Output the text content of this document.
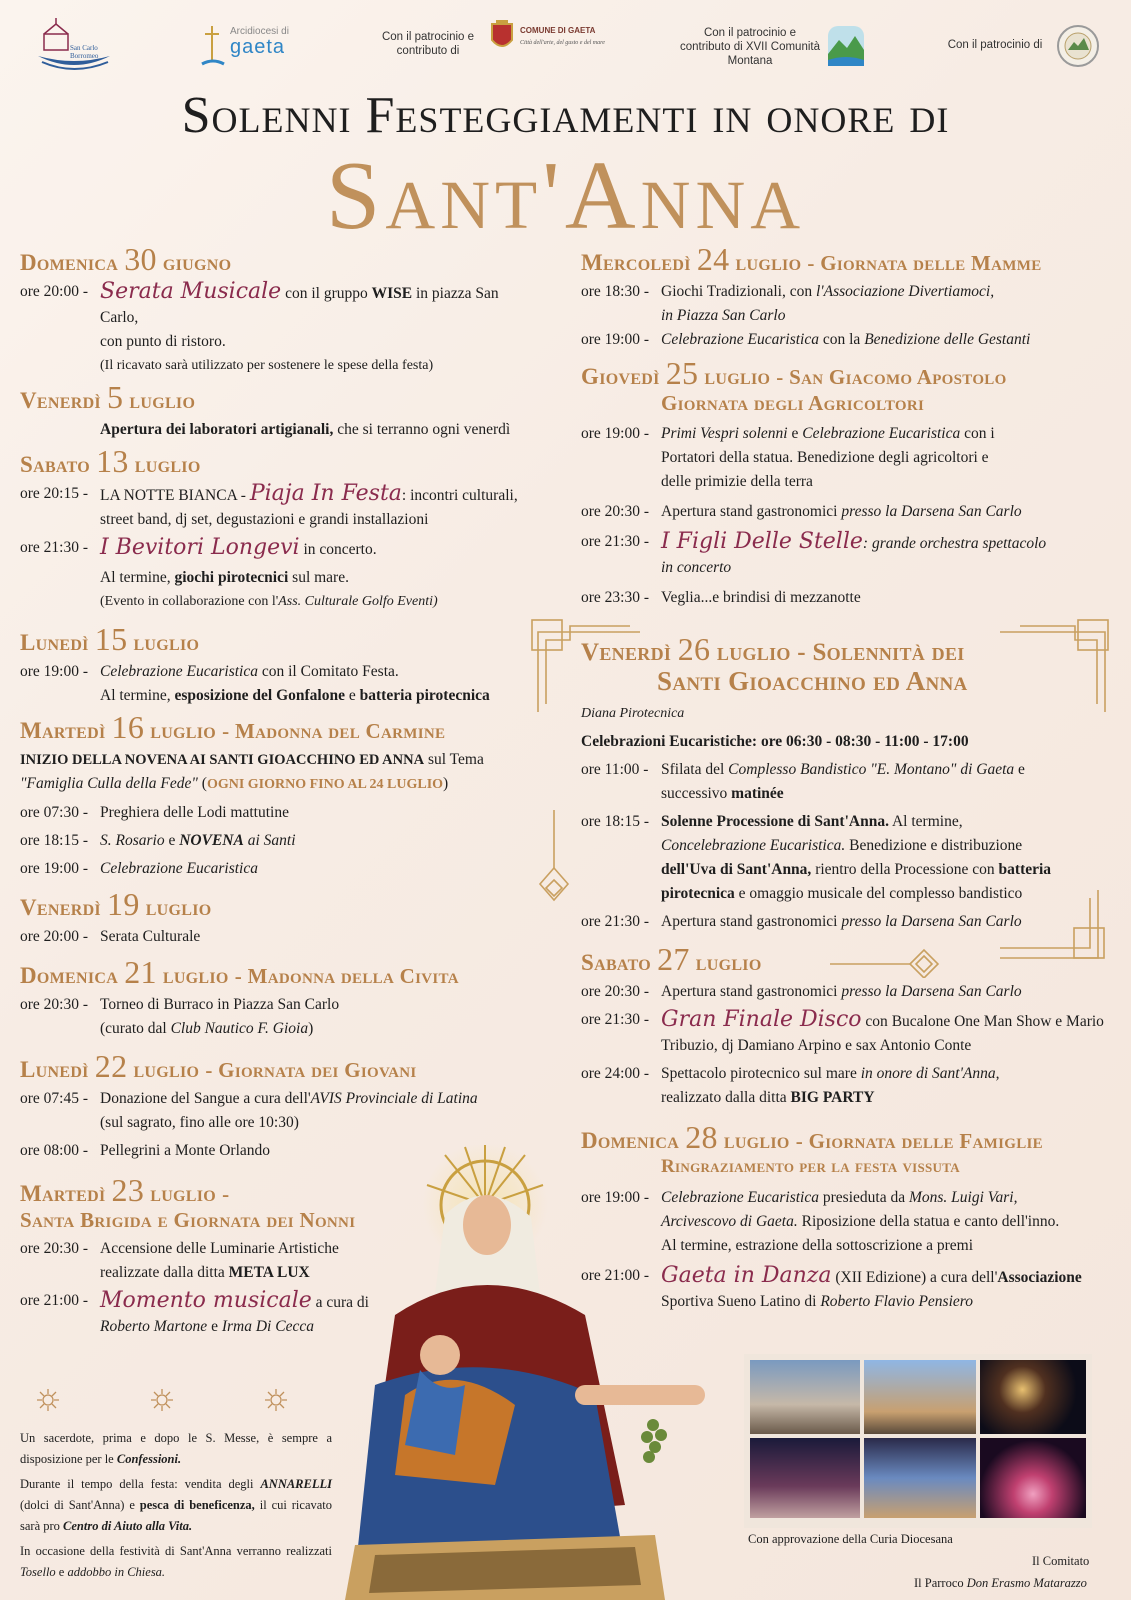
San Carlo Borromeo
Arcidiocesi di
gaeta	Con il patrocinio e contributo di
COMUNE DI GAETA
Città dell'arte, del gusto e del mare
Con il patrocinio e contributo di XVII Comunità Montana
Con il patrocinio di
Solenni Festeggiamenti in onore di
Sant'Anna
Domenica 30 giugno
ore 20:00 - Serata Musicale con il gruppo WISE in piazza San Carlo,
con punto di ristoro.
(Il ricavato sarà utilizzato per sostenere le spese della festa)
Venerdì 5 luglio
Apertura dei laboratori artigianali, che si terranno ogni venerdì
Sabato 13 luglio
ore 20:15 - LA NOTTE BIANCA - Piaja In Festa: incontri culturali,
street band, dj set, degustazioni e grandi installazioni
ore 21:30 - I Bevitori Longevi in concerto.
Al termine, giochi pirotecnici sul mare.
(Evento in collaborazione con l'Ass. Culturale Golfo Eventi)
Lunedì 15 luglio
ore 19:00 - Celebrazione Eucaristica con il Comitato Festa.
Al termine, esposizione del Gonfalone e batteria pirotecnica
Martedì 16 luglio - Madonna del Carmine
INIZIO DELLA NOVENA AI SANTI GIOACCHINO ED ANNA sul Tema
"Famiglia Culla della Fede" (OGNI GIORNO FINO AL 24 LUGLIO)
ore 07:30 - Preghiera delle Lodi mattutine
ore 18:15 - S. Rosario e NOVENA ai Santi
ore 19:00 - Celebrazione Eucaristica
Venerdì 19 luglio
ore 20:00 - Serata Culturale
Domenica 21 luglio - Madonna della Civita
ore 20:30 - Torneo di Burraco in Piazza San Carlo
(curato dal Club Nautico F. Gioia)
Lunedì 22 luglio - Giornata dei Giovani
ore 07:45 - Donazione del Sangue a cura dell'AVIS Provinciale di Latina
(sul sagrato, fino alle ore 10:30)
ore 08:00 - Pellegrini a Monte Orlando
Martedì 23 luglio -
Santa Brigida e Giornata dei Nonni
ore 20:30 - Accensione delle Luminarie Artistiche
realizzate dalla ditta META LUX
ore 21:00 - Momento musicale a cura di
Roberto Martone e Irma Di Cecca
Un sacerdote, prima e dopo le S. Messe, è sempre a disposizione per le Confessioni.
Durante il tempo della festa: vendita degli ANNARELLI (dolci di Sant'Anna) e pesca di beneficenza, il cui ricavato sarà pro Centro di Aiuto alla Vita.
In occasione della festività di Sant'Anna verranno realizzati Tosello e addobbo in Chiesa.
Mercoledì 24 luglio - Giornata delle Mamme
ore 18:30 - Giochi Tradizionali, con l'Associazione Divertiamoci,
in Piazza San Carlo
ore 19:00 - Celebrazione Eucaristica con la Benedizione delle Gestanti
Giovedì 25 luglio - San Giacomo Apostolo
Giornata degli Agricoltori
ore 19:00 - Primi Vespri solenni e Celebrazione Eucaristica con i
Portatori della statua. Benedizione degli agricoltori e
delle primizie della terra
ore 20:30 - Apertura stand gastronomici presso la Darsena San Carlo
ore 21:30 - I Figli Delle Stelle: grande orchestra spettacolo
in concerto
ore 23:30 - Veglia...e brindisi di mezzanotte
Venerdì 26 luglio - Solennità dei
Santi Gioacchino ed Anna
Diana Pirotecnica
Celebrazioni Eucaristiche: ore 06:30 - 08:30 - 11:00 - 17:00
ore 11:00 - Sfilata del Complesso Bandistico "E. Montano" di Gaeta e
successivo matinée
ore 18:15 - Solenne Processione di Sant'Anna. Al termine,
Concelebrazione Eucaristica. Benedizione e distribuzione
dell'Uva di Sant'Anna, rientro della Processione con batteria
pirotecnica e omaggio musicale del complesso bandistico
ore 21:30 - Apertura stand gastronomici presso la Darsena San Carlo
Sabato 27 luglio
ore 20:30 - Apertura stand gastronomici presso la Darsena San Carlo
ore 21:30 - Gran Finale Disco con Bucalone One Man Show e Mario
Tribuzio, dj Damiano Arpino e sax Antonio Conte
ore 24:00 - Spettacolo pirotecnico sul mare in onore di Sant'Anna,
realizzato dalla ditta BIG PARTY
Domenica 28 luglio - Giornata delle Famiglie
Ringraziamento per la festa vissuta
ore 19:00 - Celebrazione Eucaristica presieduta da Mons. Luigi Vari,
Arcivescovo di Gaeta. Riposizione della statua e canto dell'inno.
Al termine, estrazione della sottoscrizione a premi
ore 21:00 - Gaeta in Danza (XII Edizione) a cura dell'Associazione
Sportiva Sueno Latino di Roberto Flavio Pensiero
Con approvazione della Curia Diocesana
Il Comitato
Il Parroco Don Erasmo Matarazzo
